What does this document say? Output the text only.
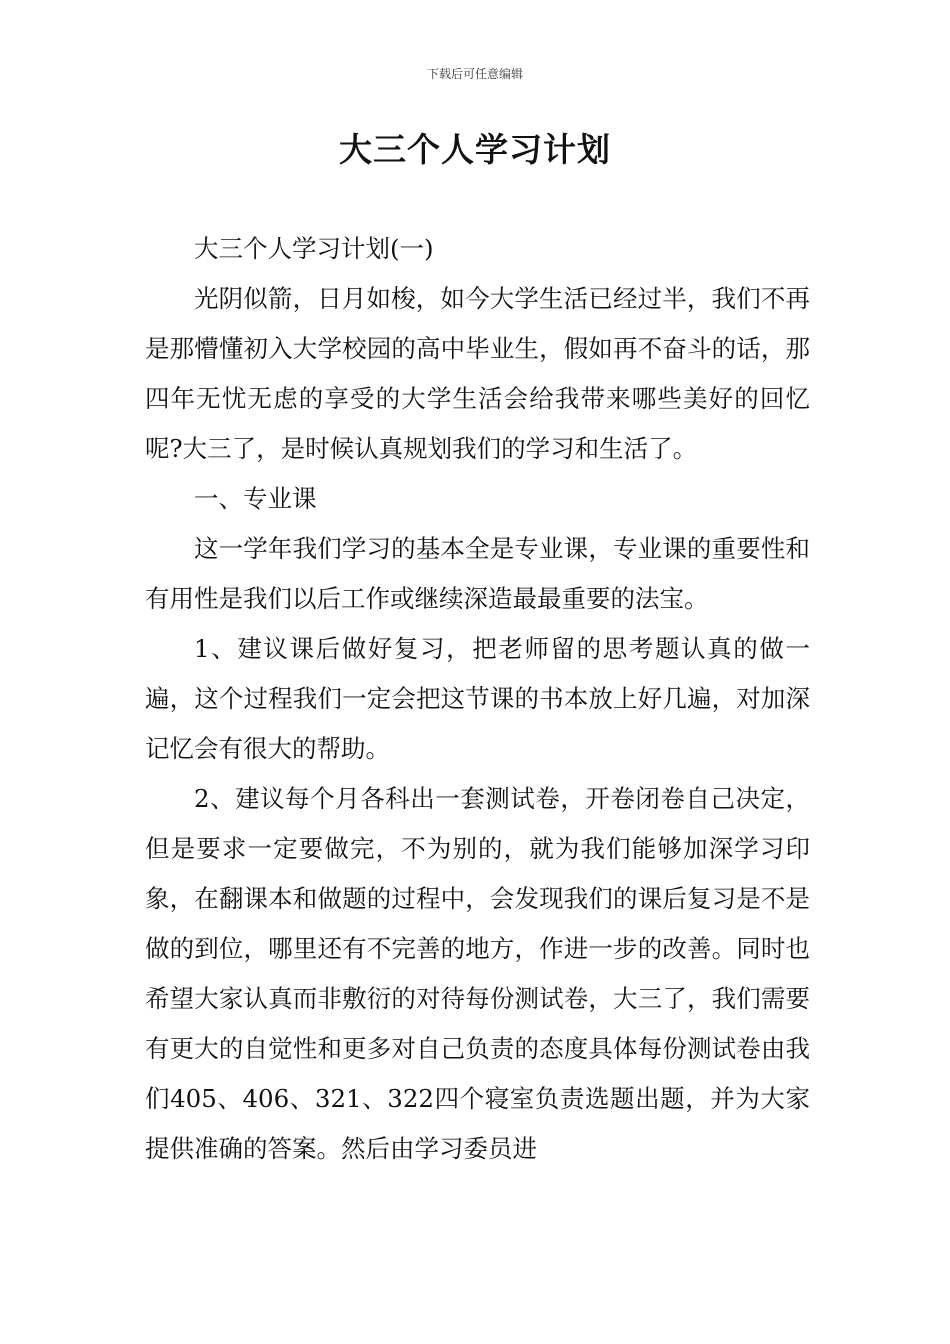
下载后可任意编辑
大三个人学习计划

大三个人学习计划(一)

光阴似箭，日月如梭，如今大学生活已经过半，我们不再是那懵懂初入大学校园的高中毕业生，假如再不奋斗的话，那四年无忧无虑的享受的大学生活会给我带来哪些美好的回忆呢?大三了，是时候认真规划我们的学习和生活了。

一、专业课

这一学年我们学习的基本全是专业课，专业课的重要性和有用性是我们以后工作或继续深造最最重要的法宝。

1、建议课后做好复习，把老师留的思考题认真的做一遍，这个过程我们一定会把这节课的书本放上好几遍，对加深记忆会有很大的帮助。

2、建议每个月各科出一套测试卷，开卷闭卷自己决定，但是要求一定要做完，不为别的，就为我们能够加深学习印象，在翻课本和做题的过程中，会发现我们的课后复习是不是做的到位，哪里还有不完善的地方，作进一步的改善。同时也希望大家认真而非敷衍的对待每份测试卷，大三了，我们需要有更大的自觉性和更多对自己负责的态度具体每份测试卷由我们405、406、321、322四个寝室负责选题出题，并为大家提供准确的答案。然后由学习委员进
